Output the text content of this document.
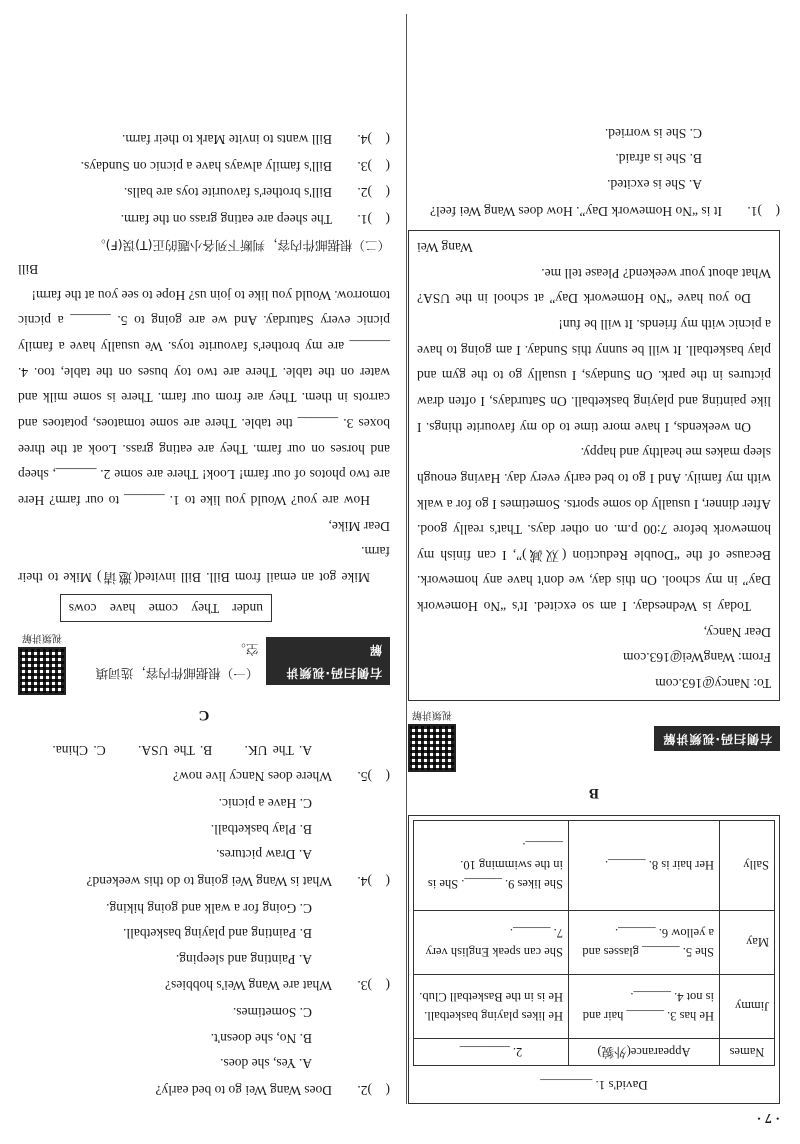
· 7 ·
David's 1. ________
Names	Appearance(外貌)	2. ________
Jimmy	He has 3. ______ hair and is not 4. ______.	He likes playing basketball. He is in the Basketball Club.
May	She 5. ______ glasses and a yellow 6. ______.	She can speak English very 7. ______.
Sally	Her hair is 8. ______.	She likes 9. ______. She is in the swimming 10. ______.
B
右侧扫码·视频讲解
视频讲解

To: Nancy@163.com

From: WangWei@163.com

Dear Nancy,

Today is Wednesday. I am so excited. It's “No Homework Day” in my school. On this day, we don't have any homework. Because of the “Double Reduction (双减)”, I can finish my homework before 7:00 p.m. on other days. That's really good. After dinner, I usually do some sports. Sometimes I go for a walk with my family. And I go to bed early every day. Having enough sleep makes me healthy and happy.

On weekends, I have more time to do my favourite things. I like painting and playing basketball. On Saturdays, I often draw pictures in the park. On Sundays, I usually go to the gym and play basketball. It will be sunny this Sunday. I am going to have a picnic with my friends. It will be fun!

Do you have “No Homework Day” at school in the USA? What about your weekend? Please tell me.

Wang Wei

(    )1.
It is “No Homework Day”. How does Wang Wei feel?

A. She is excited.

B. She is afraid.

C. She is worried.

(    )2.
Does Wang Wei go to bed early?

A. Yes, she does.

B. No, she doesn't.

C. Sometimes.

(    )3.
What are Wang Wei's hobbies?

A. Painting and sleeping.

B. Painting and playing basketball.

C. Going for a walk and going hiking.

(    )4.
What is Wang Wei going to do this weekend?

A. Draw pictures.

B. Play basketball.

C. Have a picnic.

(    )5.
Where does Nancy live now?

A. The UK.      B. The USA.      C. China.

C
右侧扫码·视频讲解
（一）根据邮件内容，选词填空。
视频讲解
under They come have cows

Mike got an email from Bill. Bill invited(邀请) Mike to their farm.

Dear Mike,

How are you? Would you like to 1. ______ to our farm? Here are two photos of our farm! Look! There are some 2. ______, sheep and horses on our farm. They are eating grass. Look at the three boxes 3. ______ the table. There are some tomatoes, potatoes and carrots in them. They are from our farm. There is some milk and water on the table. There are two toy buses on the table, too. 4. ______ are my brother's favourite toys. We usually have a family picnic every Saturday. And we are going to 5. ______ a picnic tomorrow. Would you like to join us? Hope to see you at the farm!

Bill

（二）根据邮件内容，判断下列各小题的正(T)误(F)。

(    )1.
The sheep are eating grass on the farm.
(    )2.
Bill's brother's favourite toys are balls.
(    )3.
Bill's family always have a picnic on Sundays.
(    )4.
Bill wants to invite Mark to their farm.
